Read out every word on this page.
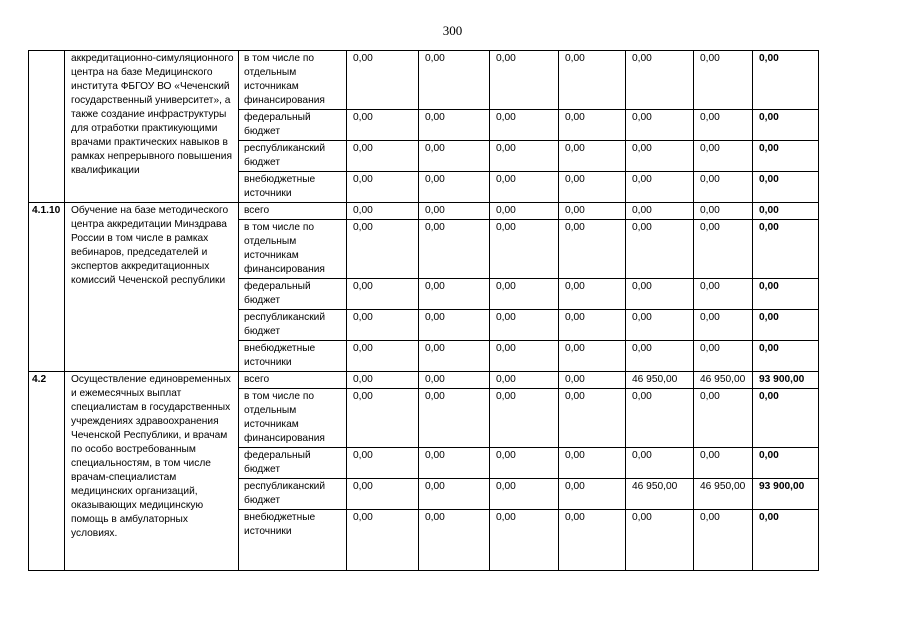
300
	аккредитационно-симуляционного центра на базе Медицинского института ФБГОУ ВО «Чеченский государственный университет», а также создание инфраструктуры для отработки практикующими врачами практических навыков в рамках непрерывного повышения квалификации	в том числе по отдельным источникам финансирования	0,00	0,00	0,00	0,00	0,00	0,00	0,00
		федеральный бюджет	0,00	0,00	0,00	0,00	0,00	0,00	0,00
		республиканский бюджет	0,00	0,00	0,00	0,00	0,00	0,00	0,00
		внебюджетные источники	0,00	0,00	0,00	0,00	0,00	0,00	0,00
4.1.10	Обучение на базе методического центра аккредитации Минздрава России в том числе в рамках вебинаров, председателей и экспертов аккредитационных комиссий Чеченской республики	всего	0,00	0,00	0,00	0,00	0,00	0,00	0,00
		в том числе по отдельным источникам финансирования	0,00	0,00	0,00	0,00	0,00	0,00	0,00
		федеральный бюджет	0,00	0,00	0,00	0,00	0,00	0,00	0,00
		республиканский бюджет	0,00	0,00	0,00	0,00	0,00	0,00	0,00
		внебюджетные источники	0,00	0,00	0,00	0,00	0,00	0,00	0,00
4.2	Осуществление единовременных и ежемесячных выплат специалистам в государственных учреждениях здравоохранения Чеченской Республики, и врачам по особо востребованным специальностям, в том числе врачам-специалистам медицинских организаций, оказывающих медицинскую помощь в амбулаторных условиях.	всего	0,00	0,00	0,00	0,00	46 950,00	46 950,00	93 900,00
		в том числе по отдельным источникам финансирования	0,00	0,00	0,00	0,00	0,00	0,00	0,00
		федеральный бюджет	0,00	0,00	0,00	0,00	0,00	0,00	0,00
		республиканский бюджет	0,00	0,00	0,00	0,00	46 950,00	46 950,00	93 900,00
		внебюджетные источники	0,00	0,00	0,00	0,00	0,00	0,00	0,00
